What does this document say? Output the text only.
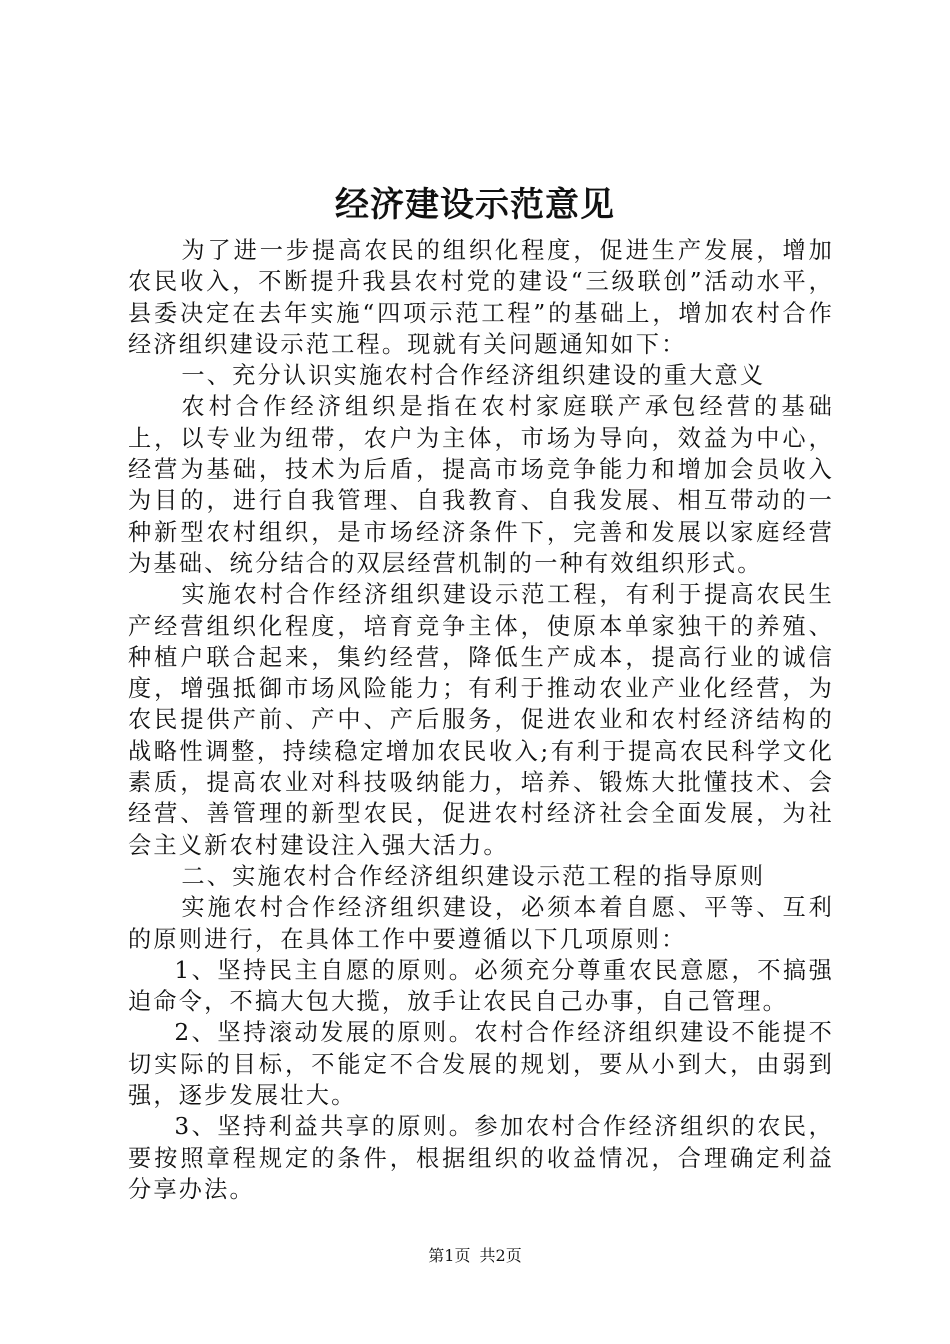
经济建设示范意见

为了进一步提高农民的组织化程度，促进生产发展，增加农民收入，不断提升我县农村党的建设“三级联创”活动水平，县委决定在去年实施“四项示范工程”的基础上，增加农村合作经济组织建设示范工程。现就有关问题通知如下：

一、充分认识实施农村合作经济组织建设的重大意义

农村合作经济组织是指在农村家庭联产承包经营的基础上，以专业为纽带，农户为主体，市场为导向，效益为中心，经营为基础，技术为后盾，提高市场竞争能力和增加会员收入为目的，进行自我管理、自我教育、自我发展、相互带动的一种新型农村组织，是市场经济条件下，完善和发展以家庭经营为基础、统分结合的双层经营机制的一种有效组织形式。

实施农村合作经济组织建设示范工程，有利于提高农民生产经营组织化程度，培育竞争主体，使原本单家独干的养殖、种植户联合起来，集约经营，降低生产成本，提高行业的诚信度，增强抵御市场风险能力；有利于推动农业产业化经营，为农民提供产前、产中、产后服务，促进农业和农村经济结构的战略性调整，持续稳定增加农民收入;有利于提高农民科学文化素质，提高农业对科技吸纳能力，培养、锻炼大批懂技术、会经营、善管理的新型农民，促进农村经济社会全面发展，为社会主义新农村建设注入强大活力。

二、实施农村合作经济组织建设示范工程的指导原则

实施农村合作经济组织建设，必须本着自愿、平等、互利的原则进行，在具体工作中要遵循以下几项原则：

1、坚持民主自愿的原则。必须充分尊重农民意愿，不搞强迫命令，不搞大包大揽，放手让农民自己办事，自己管理。

2、坚持滚动发展的原则。农村合作经济组织建设不能提不切实际的目标，不能定不合发展的规划，要从小到大，由弱到强，逐步发展壮大。

3、坚持利益共享的原则。参加农村合作经济组织的农民，要按照章程规定的条件，根据组织的收益情况，合理确定利益分享办法。

第1页 共2页
